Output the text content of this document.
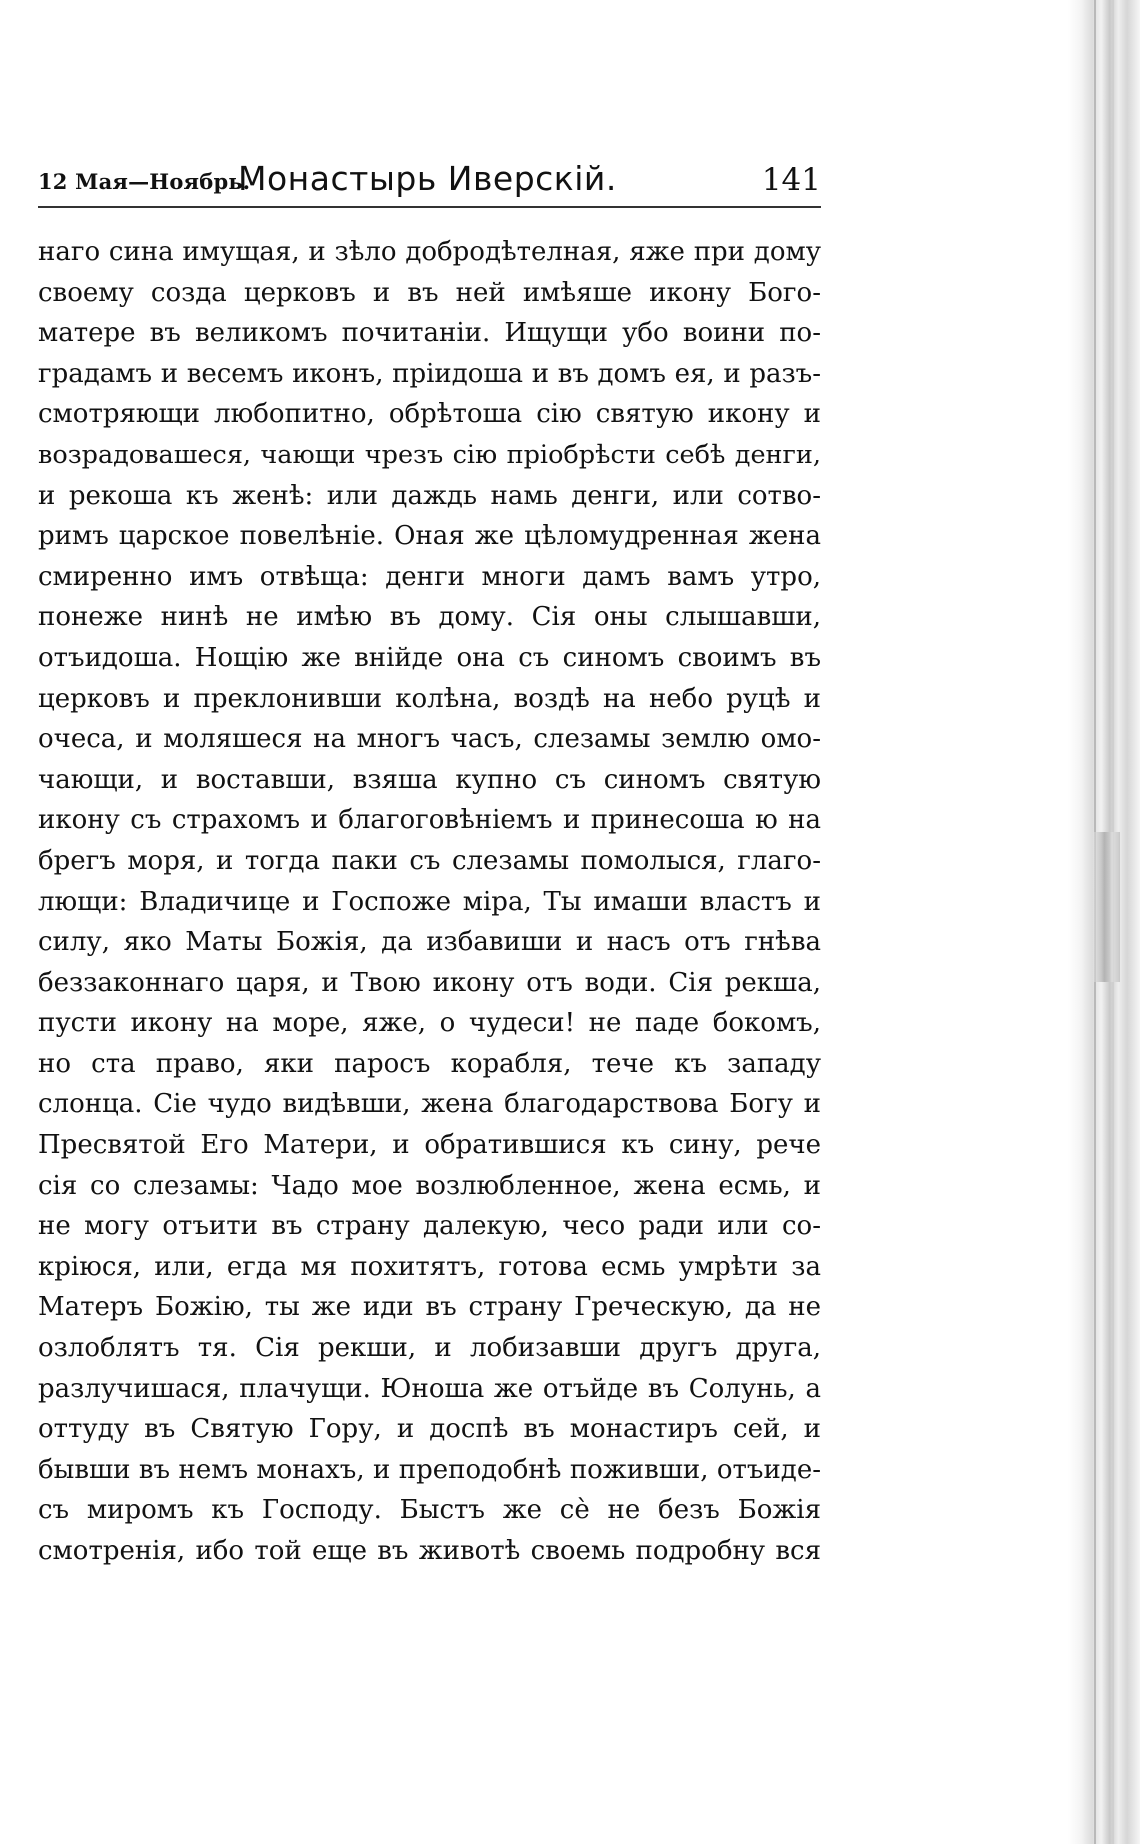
12 Мая—Ноябрь.
Монастырь Иверскій.	141
наго сина имущая, и зѣло добродѣтелная, яже при дому
своему созда церковъ и въ ней имѣяше икону Бого-
матере въ великомъ почитаніи. Ищущи убо воини по-
градамъ и весемъ иконъ, пріидоша и въ домъ ея, и разъ-
смотряющи любопитно, обрѣтоша сію святую икону и
возрадовашеся, чающи чрезъ сію пріобрѣсти себѣ денги,
и рекоша къ женѣ: или даждь намь денги, или сотво-
римъ царское повелѣніе. Оная же цѣломудренная жена
смиренно имъ отвѣща: денги многи дамъ вамъ утро,
понеже нинѣ не имѣю въ дому. Сія оны слышавши,
отъидоша. Нощію же внійде она съ синомъ своимъ въ
церковъ и преклонивши колѣна, воздѣ на небо руцѣ и
очеса, и моляшеся на многъ часъ, слезамы землю омо-
чающи, и воставши, взяша купно съ синомъ святую
икону съ страхомъ и благоговѣніемъ и принесоша ю на
брегъ моря, и тогда паки съ слезамы помолыся, глаго-
лющи: Владичице и Госпоже міра, Ты имаши властъ и
силу, яко Маты Божія, да избавиши и насъ отъ гнѣва
беззаконнаго царя, и Твою икону отъ води. Сія рекша,
пусти икону на море, яже, о чудеси! не паде бокомъ,
но ста право, яки паросъ корабля, тече къ западу
слонца. Сіе чудо видѣвши, жена благодарствова Богу и
Пресвятой Его Матери, и обратившися къ сину, рече
сія со слезамы: Чадо мое возлюбленное, жена есмь, и
не могу отъити въ страну далекую, чесо ради или со-
кріюся, или, егда мя похитятъ, готова есмь умрѣти за
Матеръ Божію, ты же иди въ страну Греческую, да не
озлоблятъ тя. Сія рекши, и лобизавши другъ друга,
разлучишася, плачущи. Юноша же отъйде въ Солунь, а
оттуду въ Святую Гору, и доспѣ въ монастиръ сей, и
бывши въ немъ монахъ, и преподобнѣ поживши, отъидe-
съ миромъ къ Господу. Быстъ же сѐ не безъ Божія
смотренія, ибо той еще въ животѣ своемь подробну вся
